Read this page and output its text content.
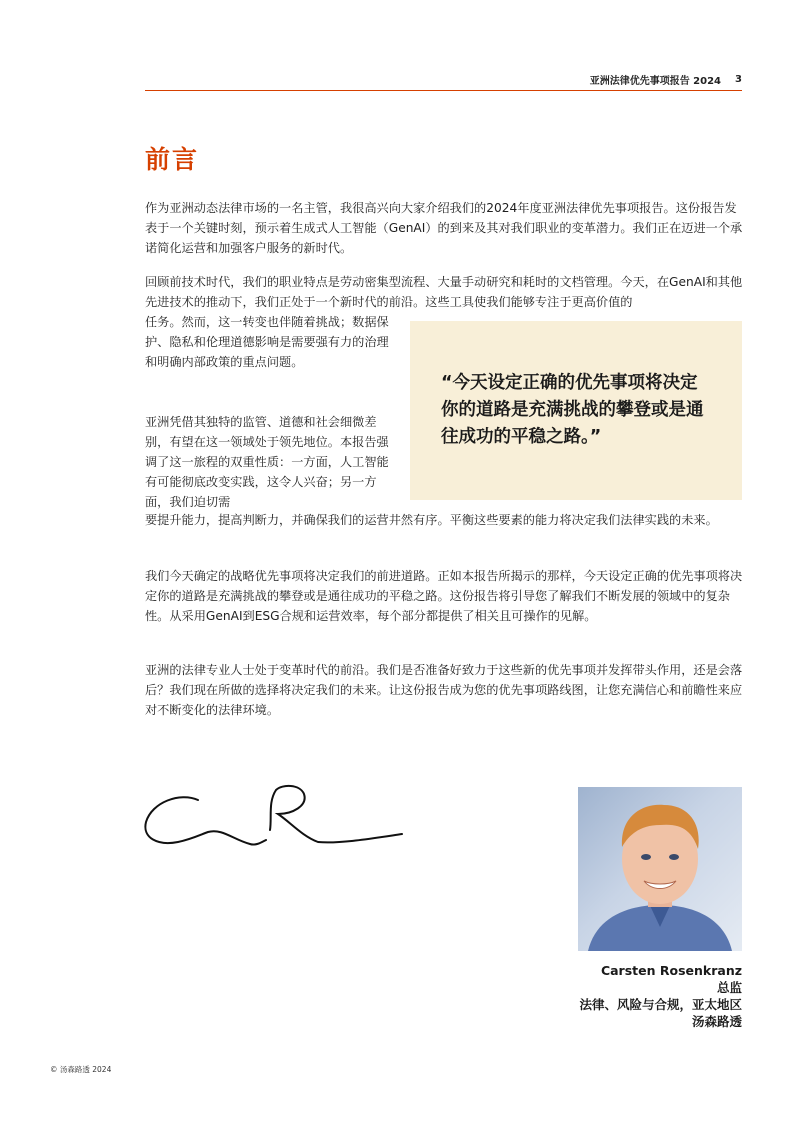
亚洲法律优先事项报告 2024 3
前言

作为亚洲动态法律市场的一名主管，我很高兴向大家介绍我们的2024年度亚洲法律优先事项报告。这份报告发表于一个关键时刻，预示着生成式人工智能（GenAI）的到来及其对我们职业的变革潜力。我们正在迈进一个承诺简化运营和加强客户服务的新时代。

回顾前技术时代，我们的职业特点是劳动密集型流程、大量手动研究和耗时的文档管理。今天，在GenAI和其他先进技术的推动下，我们正处于一个新时代的前沿。这些工具使我们能够专注于更高价值的

任务。然而，这一转变也伴随着挑战；数据保护、隐私和伦理道德影响是需要强有力的治理和明确内部政策的重点问题。

亚洲凭借其独特的监管、道德和社会细微差别，有望在这一领域处于领先地位。本报告强调了这一旅程的双重性质：一方面，人工智能有可能彻底改变实践，这令人兴奋；另一方面，我们迫切需

要提升能力，提高判断力，并确保我们的运营井然有序。平衡这些要素的能力将决定我们法律实践的未来。

我们今天确定的战略优先事项将决定我们的前进道路。正如本报告所揭示的那样，今天设定正确的优先事项将决定你的道路是充满挑战的攀登或是通往成功的平稳之路。这份报告将引导您了解我们不断发展的领域中的复杂性。从采用GenAI到ESG合规和运营效率，每个部分都提供了相关且可操作的见解。

亚洲的法律专业人士处于变革时代的前沿。我们是否准备好致力于这些新的优先事项并发挥带头作用，还是会落后？我们现在所做的选择将决定我们的未来。让这份报告成为您的优先事项路线图，让您充满信心和前瞻性来应对不断变化的法律环境。

“今天设定正确的优先事项将决定你的道路是充满挑战的攀登或是通往成功的平稳之路。”

Carsten Rosenkranz
总监
法律、风险与合规，亚太地区
汤森路透
© 汤森路透 2024
